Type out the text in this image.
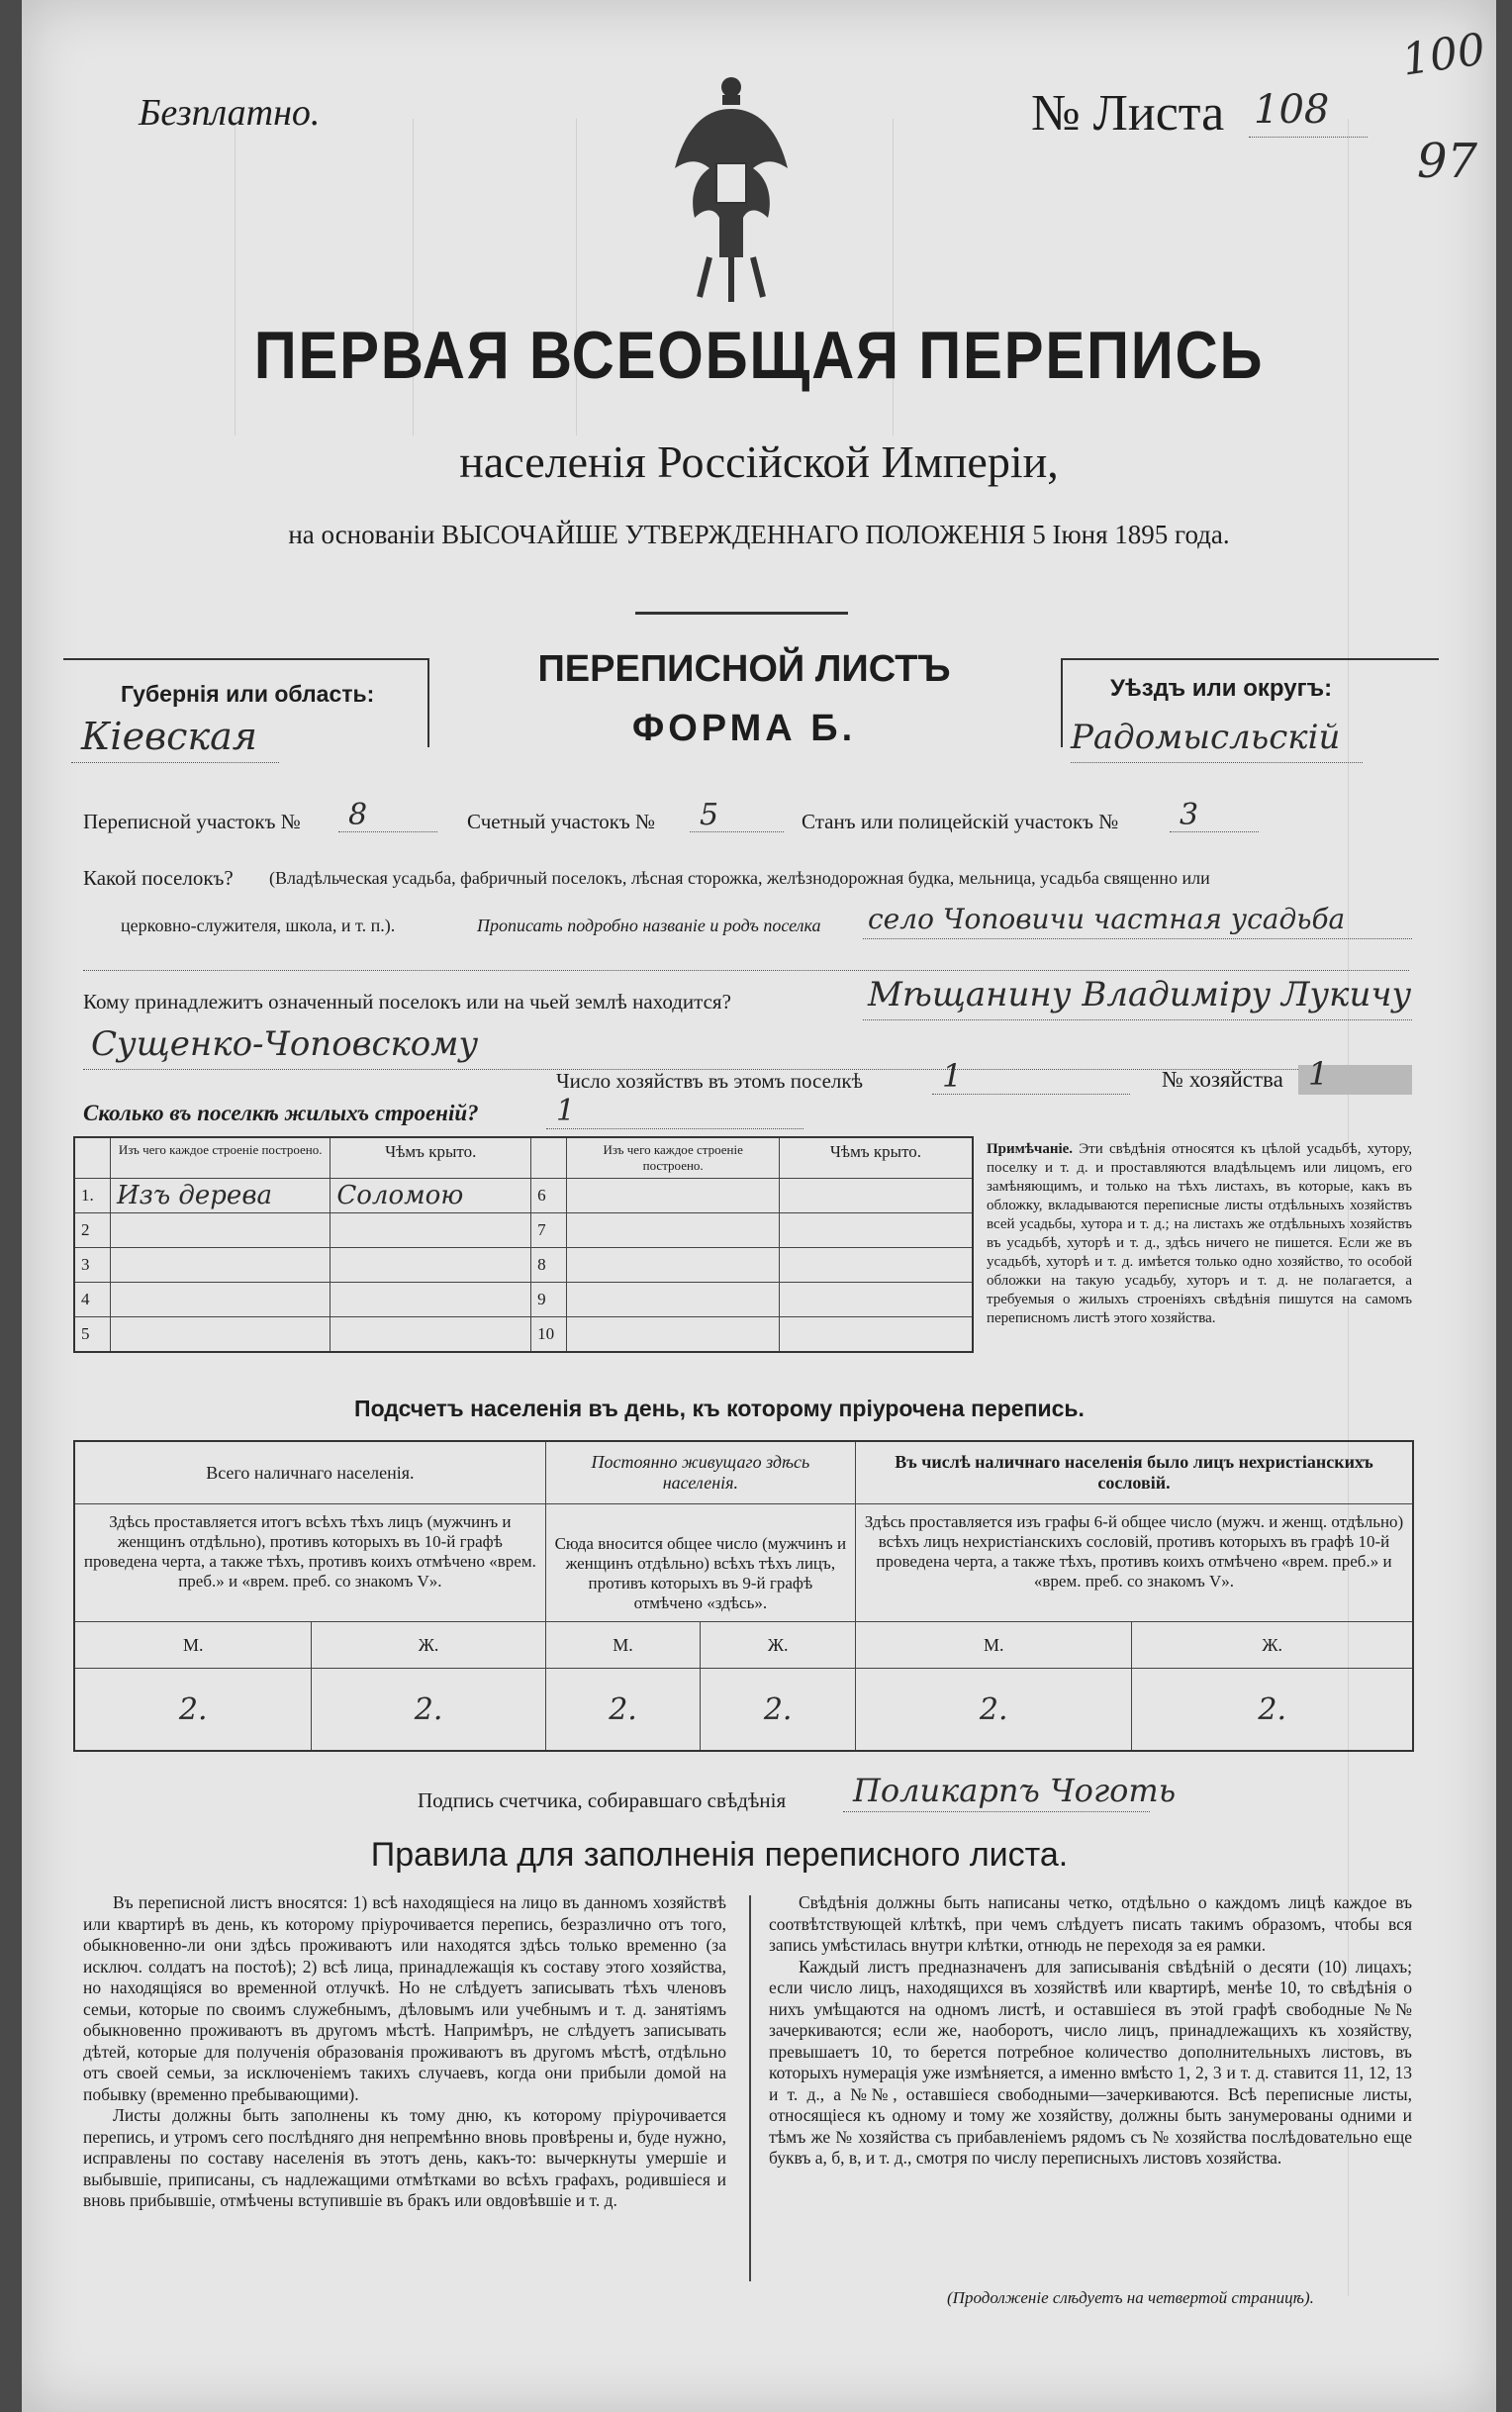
Безплатно.	№ Листа 108
100
97
ПЕРВАЯ ВСЕОБЩАЯ ПЕРЕПИСЬ
населенія Россійской Имперіи,
на основаніи ВЫСОЧАЙШЕ УТВЕРЖДЕННАГО ПОЛОЖЕНІЯ 5 Іюня 1895 года.
Губернія или область:
Кіевская
ПЕРЕПИСНОЙ ЛИСТЪ
ФОРМА Б.
Уѣздъ или округъ:
Радомысльскій
Переписной участокъ № 8	Счетный участокъ № 5	Станъ или полицейскій участокъ № 3
Какой поселокъ? (Владѣльческая усадьба, фабричный поселокъ, лѣсная сторожка, желѣзнодорожная будка, мельница, усадьба священно или
церковно-служителя, школа, и т. п.).	Прописать подробно названіе и родъ поселка село Чоповичи частная усадьба
Кому принадлежитъ означенный поселокъ или на чьей землѣ находится?	Мѣщанину Владиміру Лукичу
Сущенко-Чоповскому
Число хозяйствъ въ этомъ поселкѣ	1	№ хозяйства 1
Сколько въ поселкѣ жилыхъ строеній?	1
	Изъ чего каждое строеніе построено.	Чѣмъ крыто.		Изъ чего каждое строеніе построено.	Чѣмъ крыто.
1.	Изъ дерева	Соломою	6		
2			7		
3			8		
4			9		
5			10		
Примѣчаніе. Эти свѣдѣнія относятся къ цѣлой усадьбѣ, хутору, поселку и т. д. и проставляются владѣльцемъ или лицомъ, его замѣняющимъ, и только на тѣхъ листахъ, въ которые, какъ въ обложку, вкладываются переписные листы отдѣльныхъ хозяйствъ всей усадьбы, хутора и т. д.; на листахъ же отдѣльныхъ хозяйствъ въ усадьбѣ, хуторѣ и т. д., здѣсь ничего не пишется. Если же въ усадьбѣ, хуторѣ и т. д. имѣется только одно хозяйство, то особой обложки на такую усадьбу, хуторъ и т. д. не полагается, а требуемыя о жилыхъ строеніяхъ свѣдѣнія пишутся на самомъ переписномъ листѣ этого хозяйства.
Подсчетъ населенія въ день, къ которому пріурочена перепись.
Всего наличнаго населенія.		Постоянно живущаго здѣсь населенія.		Въ числѣ наличнаго населенія было лицъ нехристіанскихъ сословій.	
Здѣсь проставляется итогъ всѣхъ тѣхъ лицъ (мужчинъ и женщинъ отдѣльно), противъ которыхъ въ 10-й графѣ проведена черта, а также тѣхъ, противъ коихъ отмѣчено «врем. преб.» и «врем. преб. со знакомъ V».		Сюда вносится общее число (мужчинъ и женщинъ отдѣльно) всѣхъ тѣхъ лицъ, противъ которыхъ въ 9-й графѣ отмѣчено «здѣсь».		Здѣсь проставляется изъ графы 6-й общее число (мужч. и женщ. отдѣльно) всѣхъ лицъ нехристіанскихъ сословій, противъ которыхъ въ графѣ 10-й проведена черта, а также тѣхъ, противъ коихъ отмѣчено «врем. преб.» и «врем. преб. со знакомъ V».	
М.	Ж.	М.	Ж.	М.	Ж.
2.	2.	2.	2.	2.	2.
Подпись счетчика, собиравшаго свѣдѣнія Поликарпъ Чоготь
Правила для заполненія переписного листа.

Въ переписной листъ вносятся: 1) всѣ находящіеся на лицо въ данномъ хозяйствѣ или квартирѣ въ день, къ которому пріурочивается перепись, безразлично отъ того, обыкновенно-ли они здѣсь проживаютъ или находятся здѣсь только временно (за исключ. солдатъ на постоѣ); 2) всѣ лица, принадлежащія къ составу этого хозяйства, но находящіяся во временной отлучкѣ. Но не слѣдуетъ записывать тѣхъ членовъ семьи, которые по своимъ служебнымъ, дѣловымъ или учебнымъ и т. д. занятіямъ обыкновенно проживаютъ въ другомъ мѣстѣ. Напримѣръ, не слѣдуетъ записывать дѣтей, которые для полученія образованія проживаютъ въ другомъ мѣстѣ, отдѣльно отъ своей семьи, за исключеніемъ такихъ случаевъ, когда они прибыли домой на побывку (временно пребывающими).

Листы должны быть заполнены къ тому дню, къ которому пріурочивается перепись, и утромъ сего послѣдняго дня непремѣнно вновь провѣрены и, буде нужно, исправлены по составу населенія въ этотъ день, какъ-то: вычеркнуты умершіе и выбывшіе, приписаны, съ надлежащими отмѣтками во всѣхъ графахъ, родившіеся и вновь прибывшіе, отмѣчены вступившіе въ бракъ или овдовѣвшіе и т. д.

Свѣдѣнія должны быть написаны четко, отдѣльно о каждомъ лицѣ каждое въ соотвѣтствующей клѣткѣ, при чемъ слѣдуетъ писать такимъ образомъ, чтобы вся запись умѣстилась внутри клѣтки, отнюдь не переходя за ея рамки.

Каждый листъ предназначенъ для записыванія свѣдѣній о десяти (10) лицахъ; если число лицъ, находящихся въ хозяйствѣ или квартирѣ, менѣе 10, то свѣдѣнія о нихъ умѣщаются на одномъ листѣ, и оставшіеся въ этой графѣ свободные №№ зачеркиваются; если же, наоборотъ, число лицъ, принадлежащихъ къ хозяйству, превышаетъ 10, то берется потребное количество дополнительныхъ листовъ, въ которыхъ нумерація уже измѣняется, а именно вмѣсто 1, 2, 3 и т. д. ставится 11, 12, 13 и т. д., а №№, оставшіеся свободными—зачеркиваются. Всѣ переписные листы, относящіеся къ одному и тому же хозяйству, должны быть занумерованы одними и тѣмъ же № хозяйства съ прибавленіемъ рядомъ съ № хозяйства послѣдовательно еще буквъ а, б, в, и т. д., смотря по числу переписныхъ листовъ хозяйства.

(Продолженіе слѣдуетъ на четвертой страницѣ).
